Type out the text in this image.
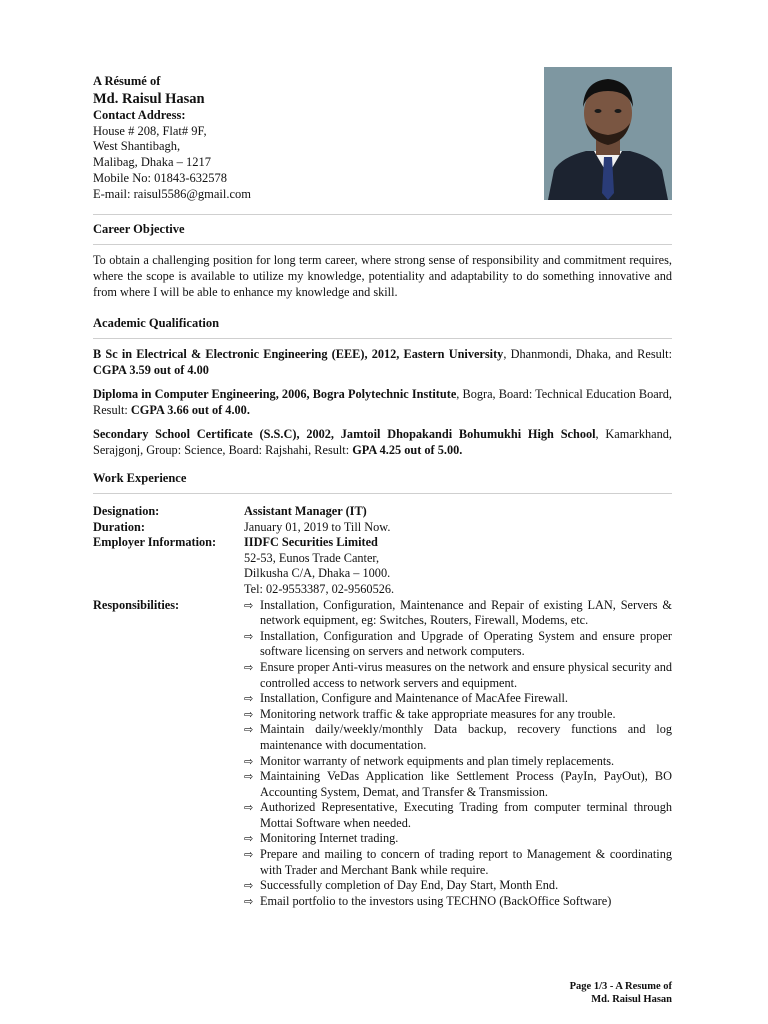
A Résumé of
Md. Raisul Hasan
Contact Address:
House # 208, Flat# 9F,
West Shantibagh,
Malibag, Dhaka – 1217
Mobile No: 01843-632578
E-mail: raisul5586@gmail.com
Career Objective
To obtain a challenging position for long term career, where strong sense of responsibility and commitment requires, where the scope is available to utilize my knowledge, potentiality and adaptability to do something innovative and from where I will be able to enhance my knowledge and skill.
Academic Qualification

B Sc in Electrical & Electronic Engineering (EEE), 2012, Eastern University, Dhanmondi, Dhaka, and Result: CGPA 3.59 out of 4.00

Diploma in Computer Engineering, 2006, Bogra Polytechnic Institute, Bogra, Board: Technical Education Board, Result: CGPA 3.66 out of 4.00.

Secondary School Certificate (S.S.C), 2002, Jamtoil Dhopakandi Bohumukhi High School, Kamarkhand, Serajgonj, Group: Science, Board: Rajshahi, Result: GPA 4.25 out of 5.00.

Work Experience
Designation:	Assistant Manager (IT)
Duration:	January 01, 2019 to Till Now.
Employer Information:	IIDFC Securities Limited
52-53, Eunos Trade Canter,
Dilkusha C/A, Dhaka – 1000.
Tel: 02-9553387, 02-9560526.
Responsibilities:	⇨ Installation, Configuration, Maintenance and Repair of existing LAN, Servers & network equipment, eg: Switches, Routers, Firewall, Modems, etc.
⇨ Installation, Configuration and Upgrade of Operating System and ensure proper software licensing on servers and network computers.
⇨ Ensure proper Anti-virus measures on the network and ensure physical security and controlled access to network servers and equipment.
⇨ Installation, Configure and Maintenance of MacAfee Firewall.
⇨ Monitoring network traffic & take appropriate measures for any trouble.
⇨ Maintain daily/weekly/monthly Data backup, recovery functions and log maintenance with documentation.
⇨ Monitor warranty of network equipments and plan timely replacements.
⇨ Maintaining VeDas Application like Settlement Process (PayIn, PayOut), BO Accounting System, Demat, and Transfer & Transmission.
⇨ Authorized Representative, Executing Trading from computer terminal through Mottai Software when needed.
⇨ Monitoring Internet trading.
⇨ Prepare and mailing to concern of trading report to Management & coordinating with Trader and Merchant Bank while require.
⇨ Successfully completion of Day End, Day Start, Month End.
⇨ Email portfolio to the investors using TECHNO (BackOffice Software)
Page 1/3 - A Resume of
Md. Raisul Hasan
